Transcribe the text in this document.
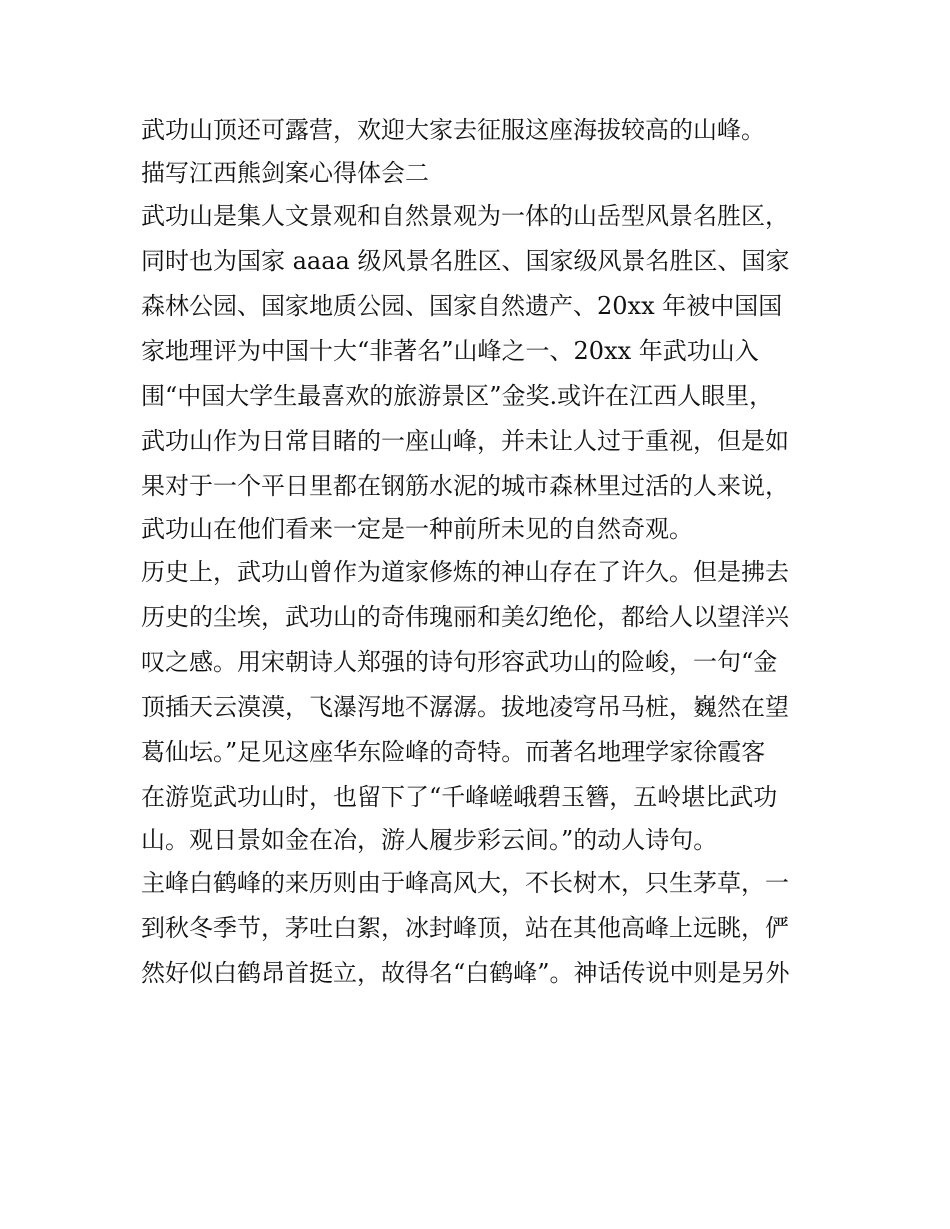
武功山顶还可露营，欢迎大家去征服这座海拔较高的山峰。
描写江西熊剑案心得体会二
武功山是集人文景观和自然景观为一体的山岳型风景名胜区，
同时也为国家 aaaa 级风景名胜区、国家级风景名胜区、国家
森林公园、国家地质公园、国家自然遗产、20xx 年被中国国
家地理评为中国十大“非著名”山峰之一、20xx 年武功山入
围“中国大学生最喜欢的旅游景区”金奖.或许在江西人眼里，
武功山作为日常目睹的一座山峰，并未让人过于重视，但是如
果对于一个平日里都在钢筋水泥的城市森林里过活的人来说，
武功山在他们看来一定是一种前所未见的自然奇观。
历史上，武功山曾作为道家修炼的神山存在了许久。但是拂去
历史的尘埃，武功山的奇伟瑰丽和美幻绝伦，都给人以望洋兴
叹之感。用宋朝诗人郑强的诗句形容武功山的险峻，一句“金
顶插天云漠漠，飞瀑泻地不潺潺。拔地凌穹吊马桩，巍然在望
葛仙坛。”足见这座华东险峰的奇特。而著名地理学家徐霞客
在游览武功山时，也留下了“千峰嵯峨碧玉簪，五岭堪比武功
山。观日景如金在冶，游人履步彩云间。”的动人诗句。
主峰白鹤峰的来历则由于峰高风大，不长树木，只生茅草，一
到秋冬季节，茅吐白絮，冰封峰顶，站在其他高峰上远眺，俨
然好似白鹤昂首挺立，故得名“白鹤峰”。神话传说中则是另外
